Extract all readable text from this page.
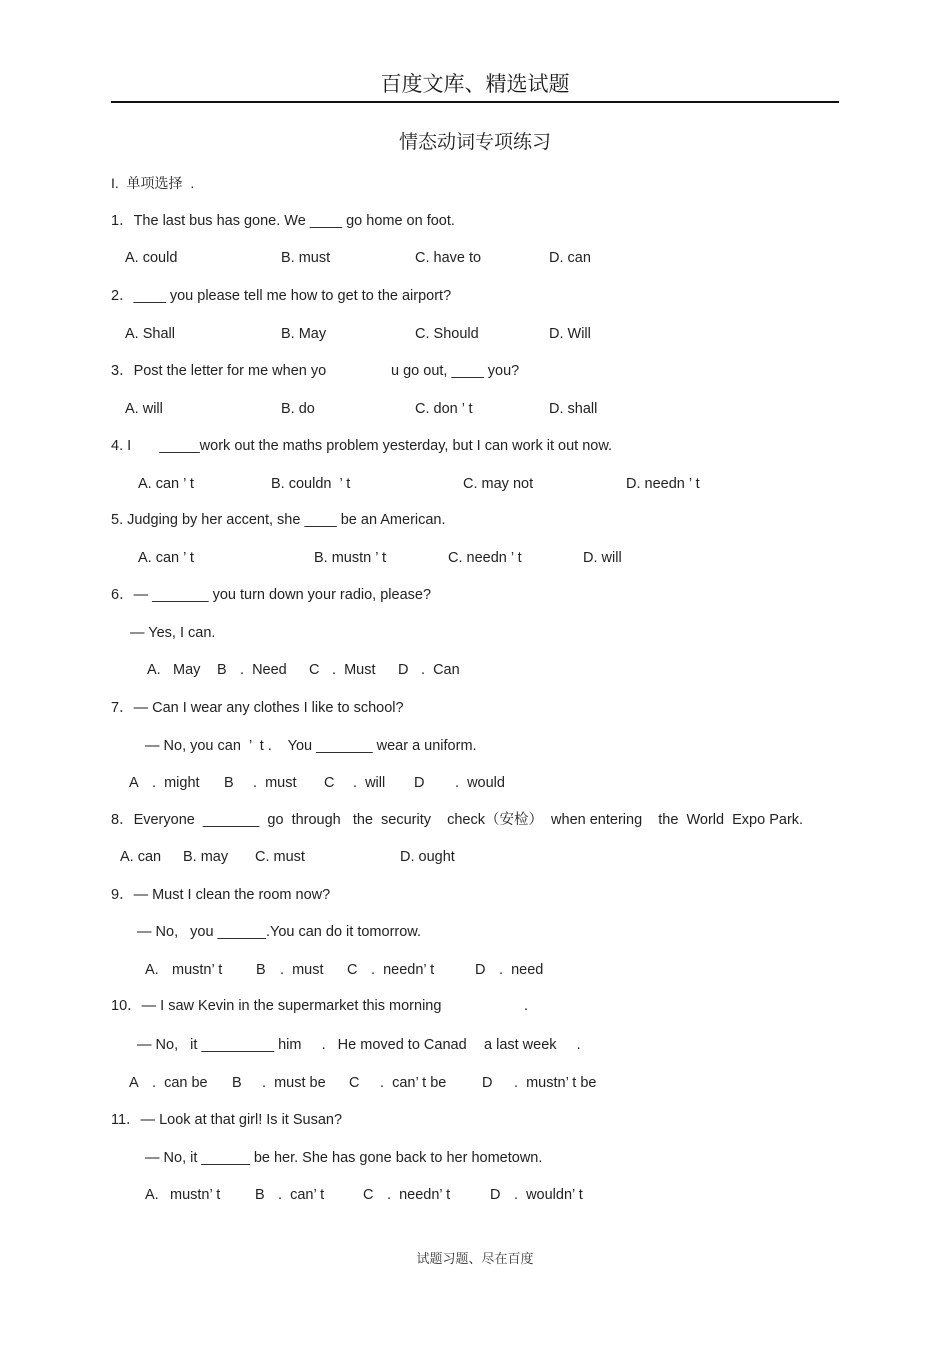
百度文库、精选试题
情态动词专项练习
I.  单项选择  .
1．The last bus has gone. We ____ go home on foot.
A. could	B. must	C. have to	D. can
2．____ you please tell me how to get to the airport?
A. Shall	B. May	C. Should	D. Will
3．Post the letter for me when yo	u go out, ____ you?
A. will	B. do	C. don ’ t	D. shall
4. I       _____work out the maths problem yesterday, but I can work it out now.
A. can ’ t	B. couldn  ’ t	C. may not	D. needn ’ t
5. Judging by her accent, she ____ be an American.
A. can ’ t	B. mustn ’ t	C. needn ’ t	D. will
6．— _______ you turn down your radio, please?
— Yes, I can.
A. May B .  Need C .  Must D .  Can
7．— Can I wear any clothes I like to school?
— No, you can  ’  t .    You _______ wear a uniform.
A .  might B .  must C .  will D .  would
8．Everyone  _______  go  through   the  security    check（安检）  when entering    the  World  Expo Park.
A. can B. may C. must	D. ought
9．— Must I clean the room now?
— No,   you ______.You can do it tomorrow.
A. mustn’ t B .  must C .  needn’ t	D .  need
10．— I saw Kevin in the supermarket this morning	.
— No,   it _________ him     .   He moved to Canad a last week     .
A .  can be B .  must be C .  can’ t be D .  mustn’ t be
11．— Look at that girl! Is it Susan?
— No, it ______ be her. She has gone back to her hometown.
A. mustn’ t B .  can’ t	C .  needn’ t	D .  wouldn’ t
试题习题、尽在百度
